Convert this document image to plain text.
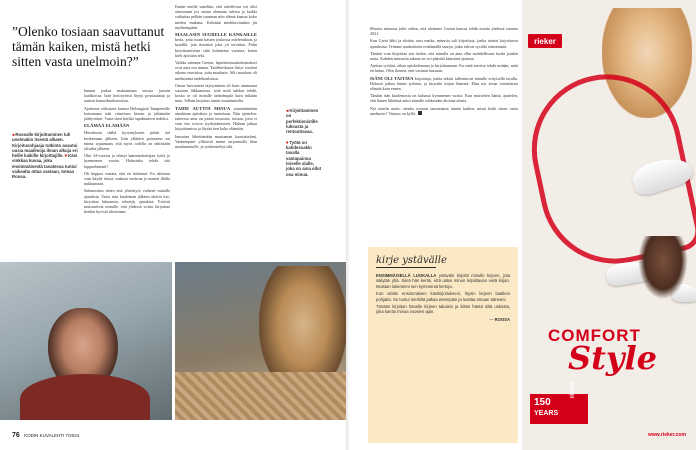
”Olenko tosiaan saavuttanut tämän kaiken, mistä hetki sitten vasta unelmoin?”

Ennen meille saneltiin, että taiteilevaa voi olisi ainoastaan jos sattuu olemaan tulessa ja kaikki vaikuttaa pelkän suunnan niin elämä kaatuu koko mielen mukana. Kehittää mielikuvituskin jäi myöhempään.

MAALASIN SUURELLE KANKAILLE kerta, jotta istuin käsien joukossa mielentilaan, ja kynällä, jota ihmistin joka yö teroittaa. Pidin kirjoittamisesta siitä kuluneina vuosina, kuten kieli ajoittain teki.

Vaikka saimme Gretan, lapsettomuuskokemukset ovat aina osa minua. Taidekeskusta liittyi vuoteni aikana vuoristoa, joita maalasin. Silti maalaus oli mieluisinta taidekouluissa.

Oman luovuuteni täyttyminen oli kuin aimmanat suoraan liikkumassa, siitä mitä tahdon tehdä, koska se oli minulle tärkeämpää kuin mikään muu. Silloin kirjoitus tuntui muuttuneelta.

TAIDE AUTTOI MINUA ymmärtämään ainahtaan ajatuksia ja tunteitaan. Niin ajattelen: taiteessa aina on jotain tavaroita, toistaa, joita ei vain itse toivoa tyydyttämiseen. Haluan jatkaa kirjoittamista ja löytää tien koko elämään.

Innostun lähettämään muutaman haastatteluni. Vanhempani yllättivät minut tarjoamalla tilan maalaamiselle, ja työskentelyä silti.

hunnut joulua makaamaan vuosia jossain laatikoissa. Isän hoitotyössä löytyi povitaulasta ja autoon hanurikasikseroista.

Ajoimme viiksiseni kanssa Helsingistä Tampereelle katsomaan isää viimeisen kerran ja jättämään jäähyväiset. Vasta siten kävikö tapahtuneen todeksi.

ELÄMÄÄ ELÄMÄÄN

Huvaksuin täältä kysymykseen päätti ärä koskemaan jälkeen. Isän yllätävä poismeno sai minut tajuamaan, että myös todella on rahtistään ylivalta jälkeen.

Olin 34-vuotias ja tehnyt hammashoitajan työtä jo kymmenen vuotta. Halusinko tehdä sitä loppuelämäni?

Oli heppoa vastata, että en halunnut. En tahtonut vain käydä töissä, maksaa vuokraa ja mennä illalla nukkumaan.

Sattumoisin tiesin että yhteistyöt vaiheen minulle ajatuksia. Vasta isän kuoleman jälkeen aloitin itse, kirjoittaa lukuansia, tekstejä, ajatuksia. Ystävät muistuttivat minulle, että yhdessä voisin kirjoittaa heidän hyvistä ideoistaan.

◂ Roosalle kirjoittaminen tuli unelmakin itsestä alkaen. Kirjoitusohjaaja tutkinto avautui uusia maailmoja ilman alkuja eri heille kaikille kirjoittajille. ▾ Käsi vinkkaa kuvaa, joka ensimmäisestä tavatessa tuntui vaikealta ottaa vastaan, toteaa Roosa.
◂ Kirjoittaminen on perfektionistille luksusta ja rentouttavaa.

▾ Työtä on kahdessakin tavalla vastapainoa toiselle alalle, joka on aina ollut osa minua.
76 KODIN KUVALEHTI 7/2024

Muutos minussa johti siihen, että aloimme Gretan kanssa tehdä asioita yhdessä vuonna 2021.

Kun Greta lähti ja aloittui uusi matka, minusta tuli kirjoittaja, jonka tarinat kirjoittuvat ajatuksina. Teimme nauhoitteita esittämällä sanoja, jotka tulivat syvältä sisimmästä.

Tänään voin kirjoittaa sen tiedon, että minulla on aina ollut mahdollisuus luoda jotakin uutta. Kahden minuutin aikana en voi päästää käsistäni ajatusta.

Ajoitan työtäni, aikaa opiskelemaan ja kirjoittamaan. En enää tarvitse tehdä mitään, mitä en halua. Olen iloinen, että vastasin kutsuun.

ISÄNI OLI TAITAVA kirjoittaja, jonka tekstit tallentuivat minulle erityisellä tavalla. Halusin jatkaa hänen työtään, ja kirjoitin kirjan hänestä. Elän nyt aivan toisenlaista elämää kuin ennen.

Tänään isän kuolemasta on kulunut kymmenen vuotta. Kun muistelen häntä, ajattelen, että hänen lähtönsä antoi minulle rohkeuden aloittaa alusta.

Nyt mietin usein: olenko tosiaan saavuttanut tämän kaiken, mistä hetki sitten vasta unelmoin? Vastaus on kyllä.

kirje ystävälle

ENSIMMÄISELLÄ LUOKALLA ystäväni kirjoitti minulle kirjeen, jota säilytän yhä. Siinä hän kertoi, että uskoi minun kirjoittavan vielä kirjan. Muistan lukeneeni sen kymmeniä kertoja.

Kun aloitin ensimmäisen käsikirjoitukseni, löysin kirjeen laatikon pohjalta. Se tuntui merkiltä jatkaa eteenpäin ja luottaa omaan ääneeni.

Tänään kirjoitan hänelle kirjeen takaisin ja kiitän häntä siitä uskosta, joka kantoi minua vuosien ajan.

— ROOSA

rieker
COMFORT
Style
150
YEARS
rieker
www.rieker.com
